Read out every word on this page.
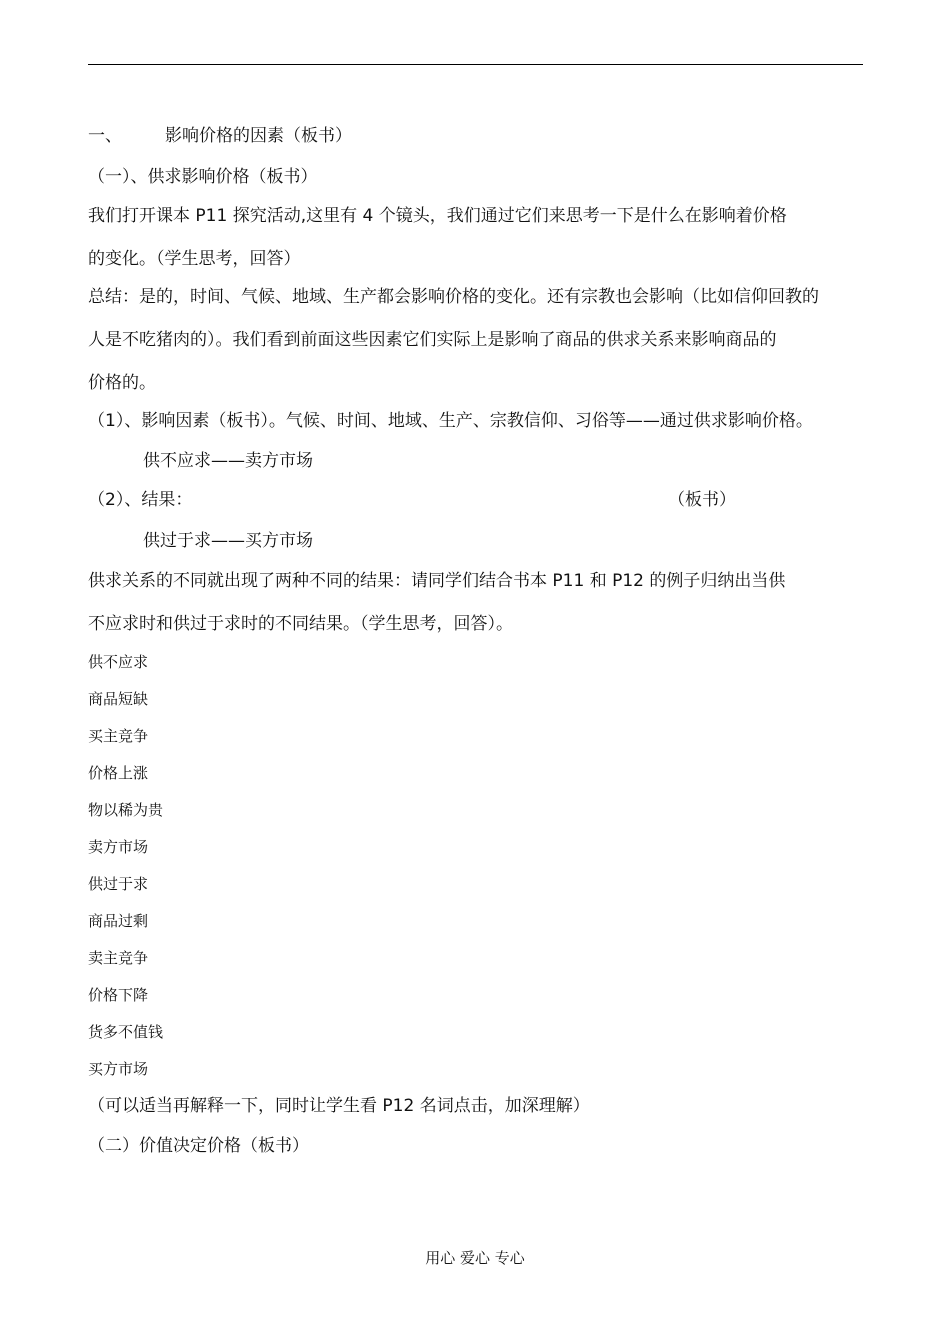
一、	影响价格的因素（板书）
（一）、供求影响价格（板书）
我们打开课本 P11 探究活动,这里有 4 个镜头，我们通过它们来思考一下是什么在影响着价格
的变化。（学生思考，回答）
总结：是的，时间、气候、地域、生产都会影响价格的变化。还有宗教也会影响（比如信仰回教的
人是不吃猪肉的）。我们看到前面这些因素它们实际上是影响了商品的供求关系来影响商品的
价格的。
（1）、影响因素（板书）。气候、时间、地域、生产、宗教信仰、习俗等——通过供求影响价格。
供不应求——卖方市场
（2）、结果：	（板书）
供过于求——买方市场
供求关系的不同就出现了两种不同的结果：请同学们结合书本 P11 和 P12 的例子归纳出当供
不应求时和供过于求时的不同结果。（学生思考，回答）。
供不应求
商品短缺
买主竞争
价格上涨
物以稀为贵
卖方市场
供过于求
商品过剩
卖主竞争
价格下降
货多不值钱
买方市场
（可以适当再解释一下，同时让学生看 P12 名词点击，加深理解）
（二）价值决定价格（板书）
用心 爱心 专心
